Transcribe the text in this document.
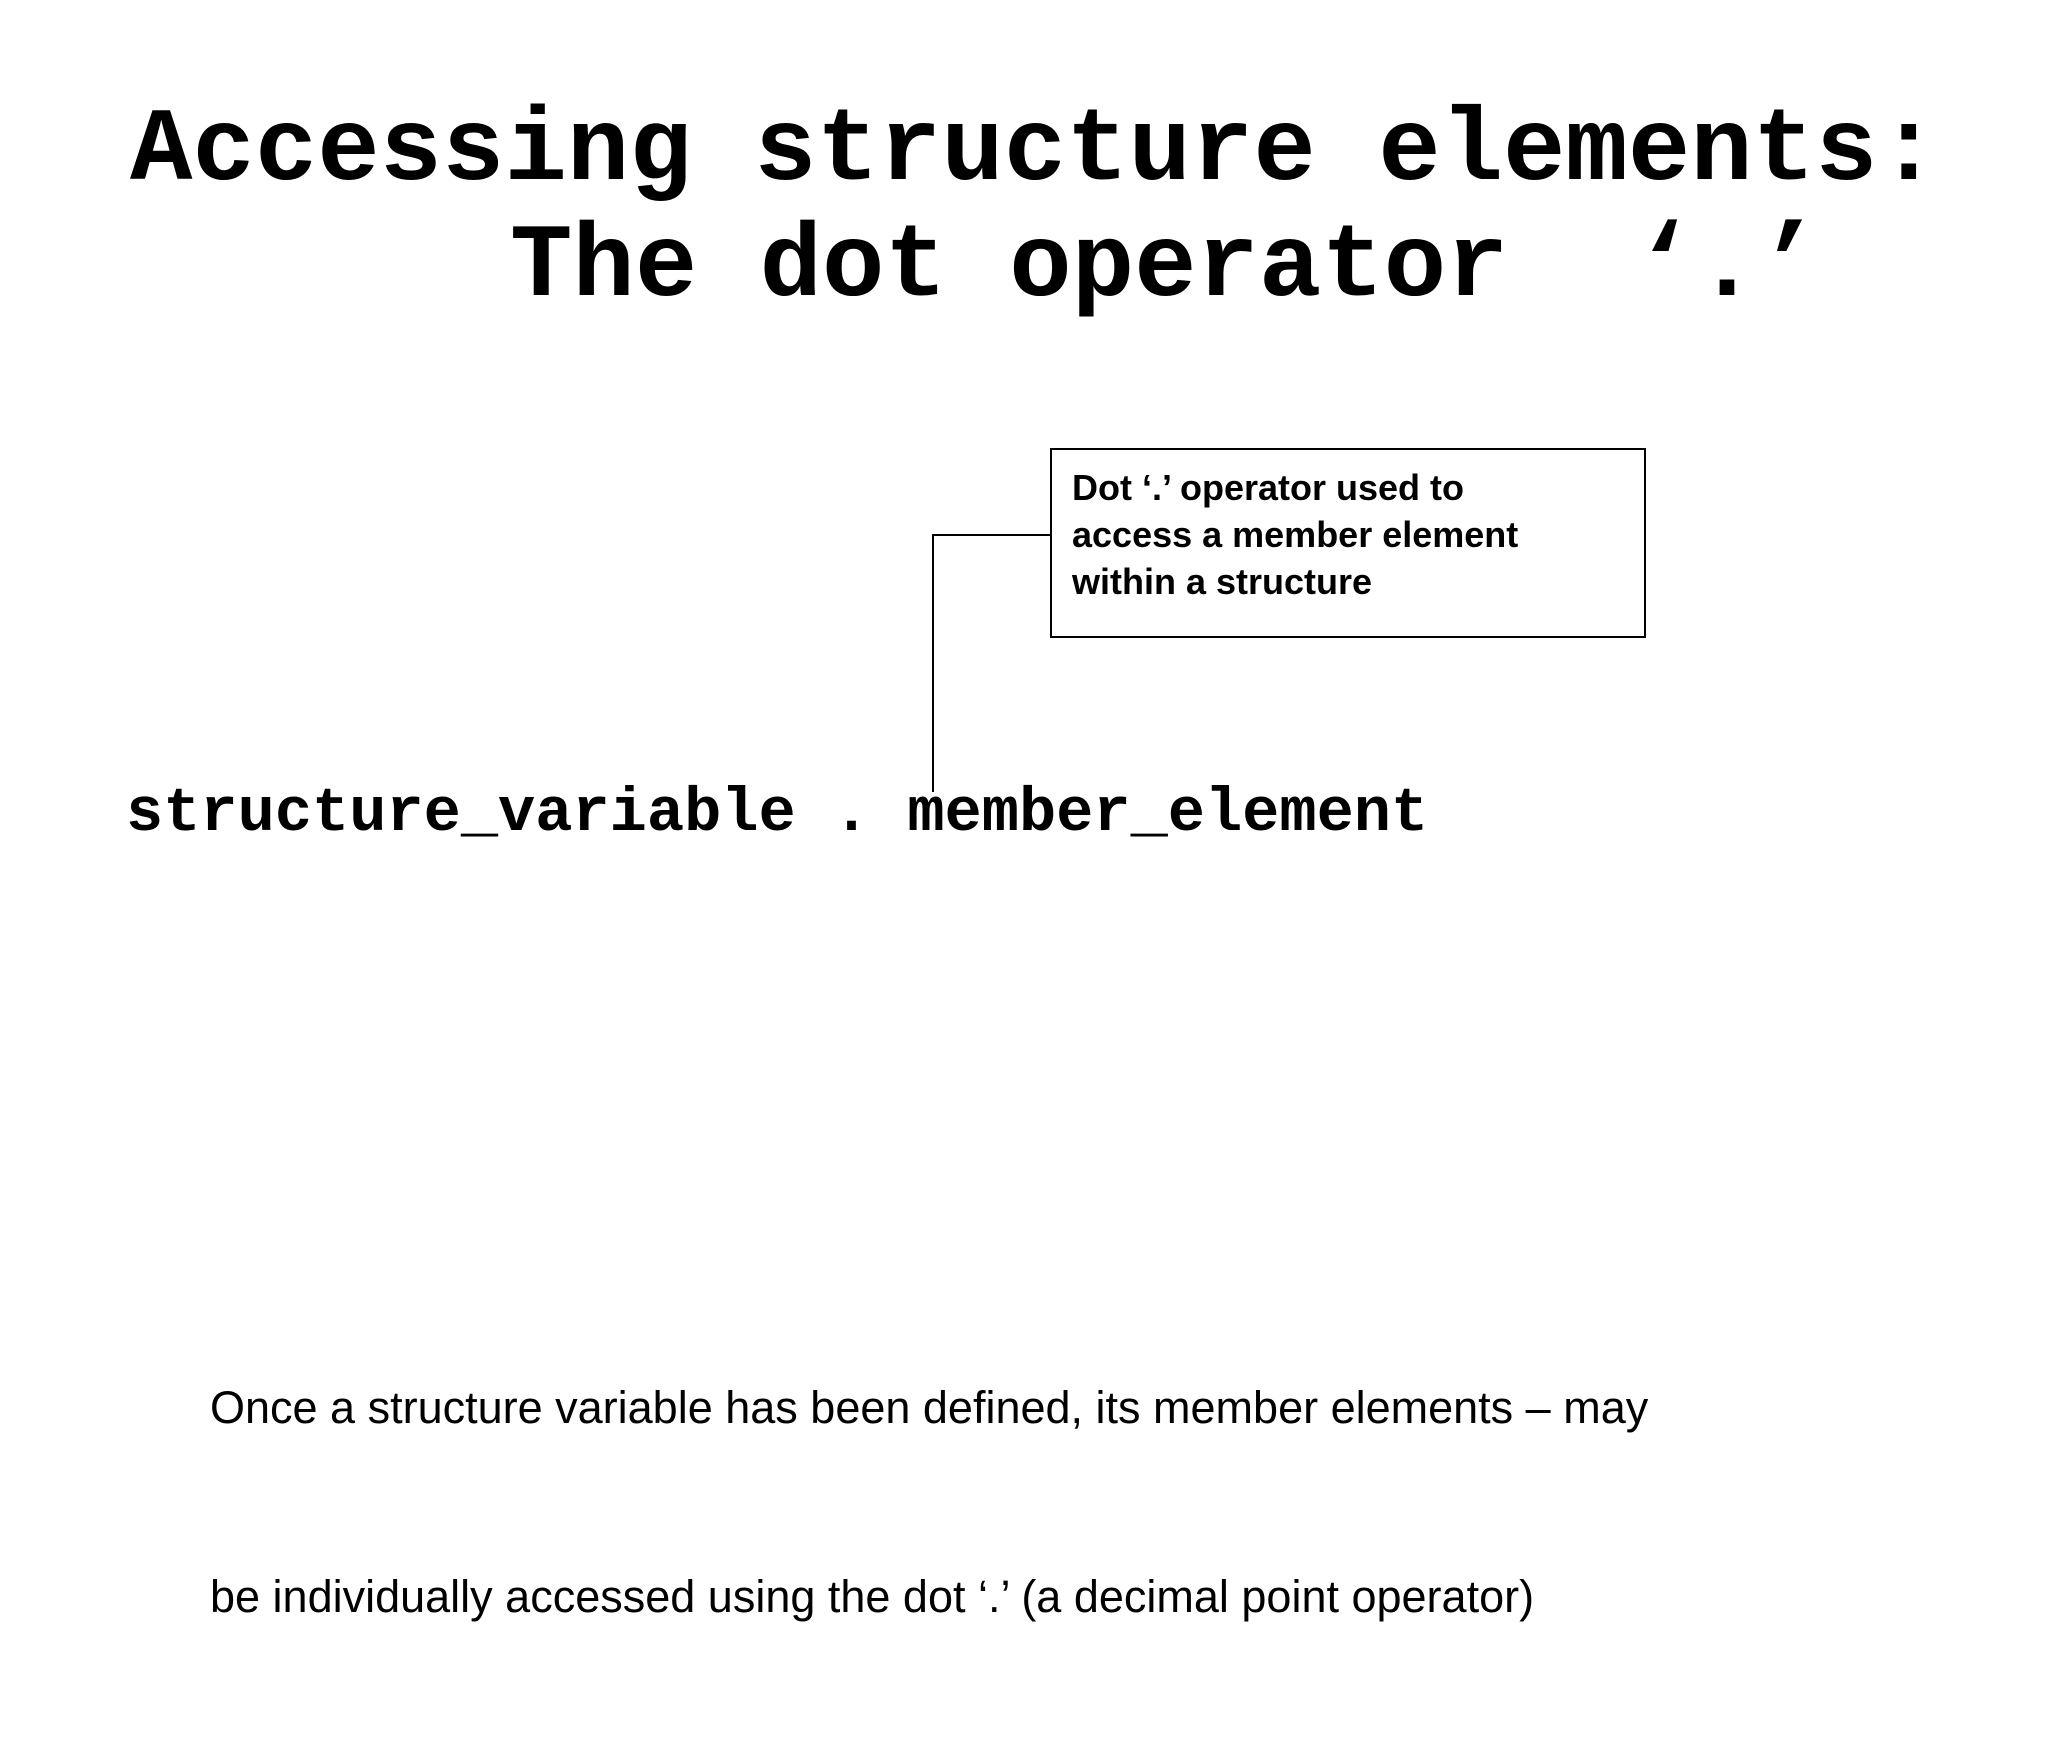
Accessing structure elements:
The dot operator  ‘.’
Dot ‘.’ operator used to
access a member element
within a structure
structure_variable . member_element

Once a structure variable has been defined, its member elements – may

be individually accessed using the dot ‘.’ (a decimal point operator)
